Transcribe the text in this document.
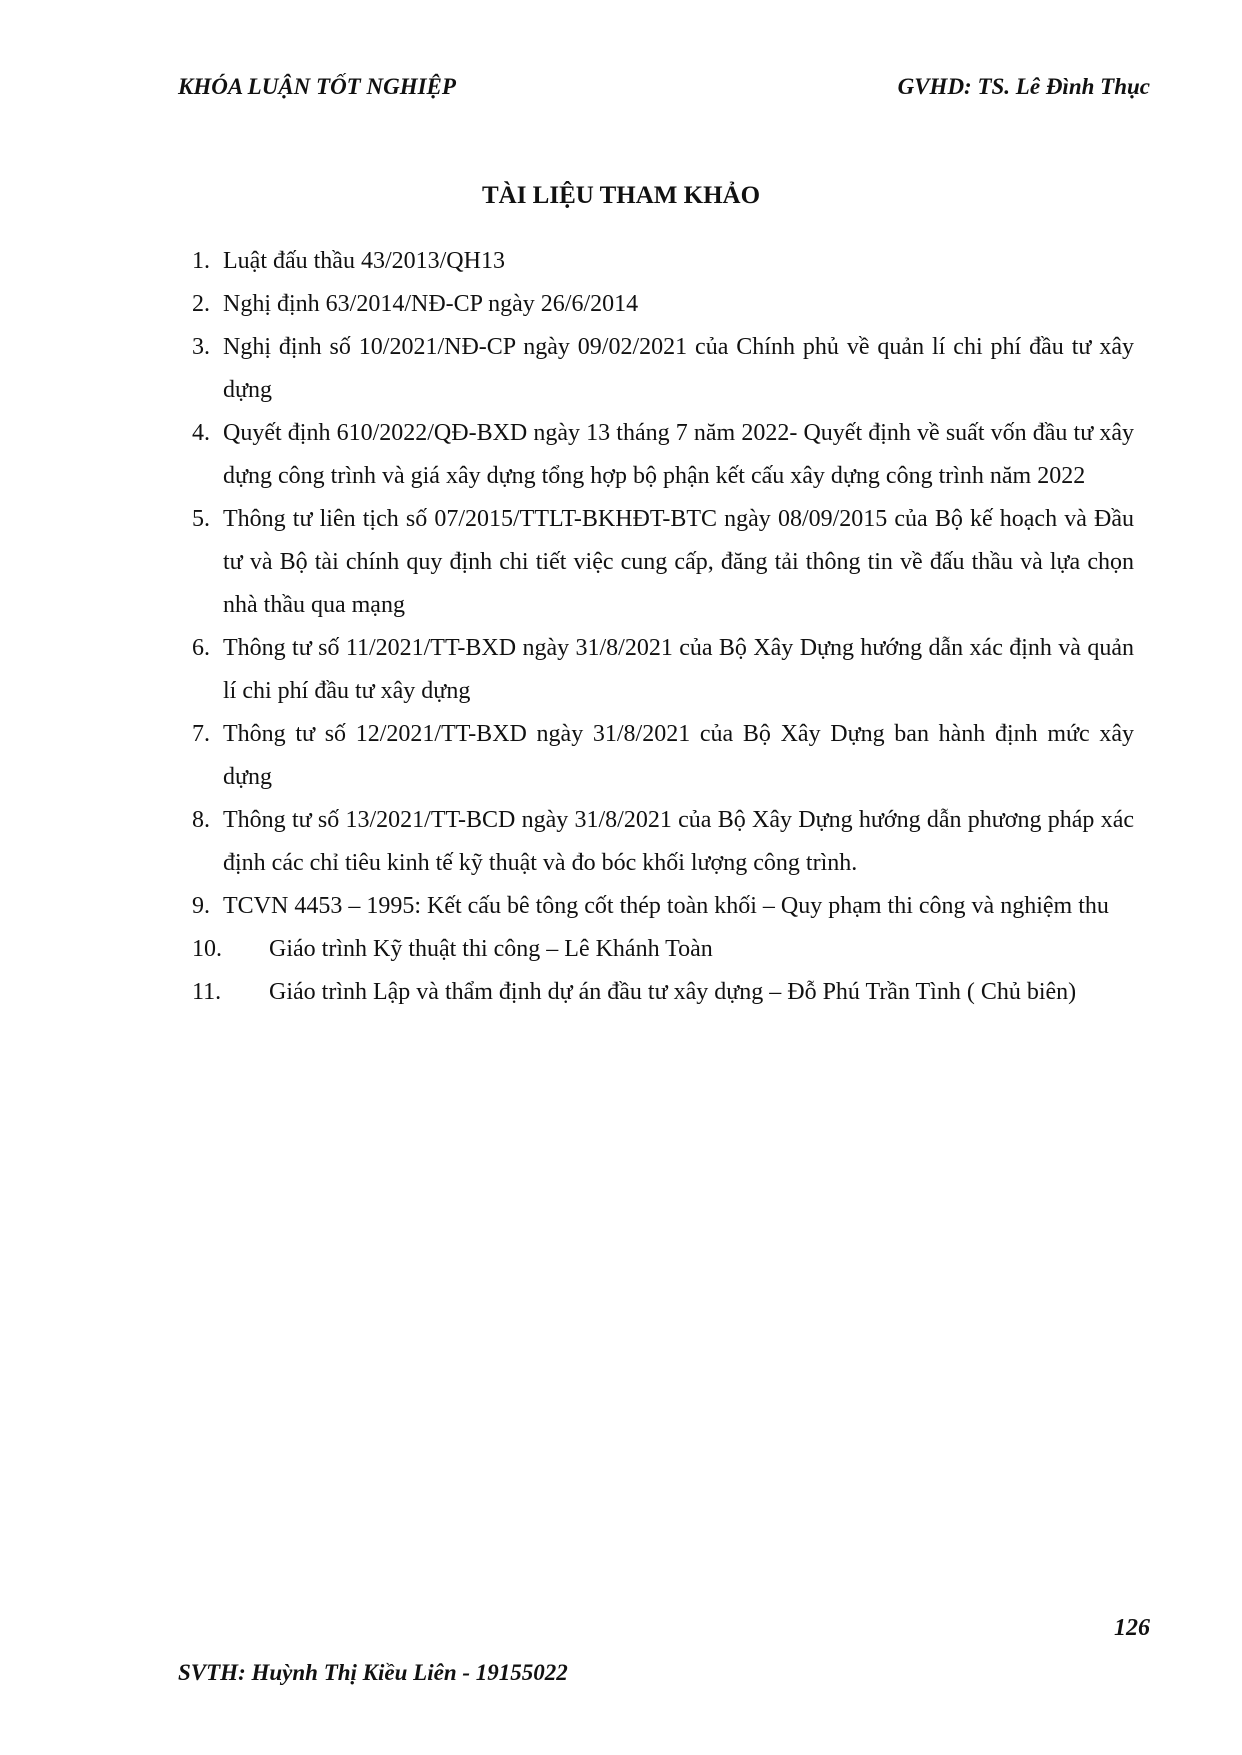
KHÓA LUẬN TỐT NGHIỆP	GVHD: TS. Lê Đình Thục
TÀI LIỆU THAM KHẢO
1. Luật đấu thầu 43/2013/QH13
2. Nghị định 63/2014/NĐ-CP ngày 26/6/2014
3. Nghị định số 10/2021/NĐ-CP ngày 09/02/2021 của Chính phủ về quản lí chi phí đầu tư xây dựng
4. Quyết định 610/2022/QĐ-BXD ngày 13 tháng 7 năm 2022- Quyết định về suất vốn đầu tư xây dựng công trình và giá xây dựng tổng hợp bộ phận kết cấu xây dựng công trình năm 2022
5. Thông tư liên tịch số 07/2015/TTLT-BKHĐT-BTC ngày 08/09/2015 của Bộ kế hoạch và Đầu tư và Bộ tài chính quy định chi tiết việc cung cấp, đăng tải thông tin về đấu thầu và lựa chọn nhà thầu qua mạng
6. Thông tư số 11/2021/TT-BXD ngày 31/8/2021 của Bộ Xây Dựng hướng dẫn xác định và quản lí chi phí đầu tư xây dựng
7. Thông tư số 12/2021/TT-BXD ngày 31/8/2021 của Bộ Xây Dựng ban hành định mức xây dựng
8. Thông tư số 13/2021/TT-BCD ngày 31/8/2021 của Bộ Xây Dựng hướng dẫn phương pháp xác định các chỉ tiêu kinh tế kỹ thuật và đo bóc khối lượng công trình.
9. TCVN 4453 – 1995: Kết cấu bê tông cốt thép toàn khối – Quy phạm thi công và nghiệm thu
10. Giáo trình Kỹ thuật thi công – Lê Khánh Toàn
11. Giáo trình Lập và thẩm định dự án đầu tư xây dựng – Đỗ Phú Trần Tình ( Chủ biên)
126
SVTH: Huỳnh Thị Kiều Liên - 19155022
